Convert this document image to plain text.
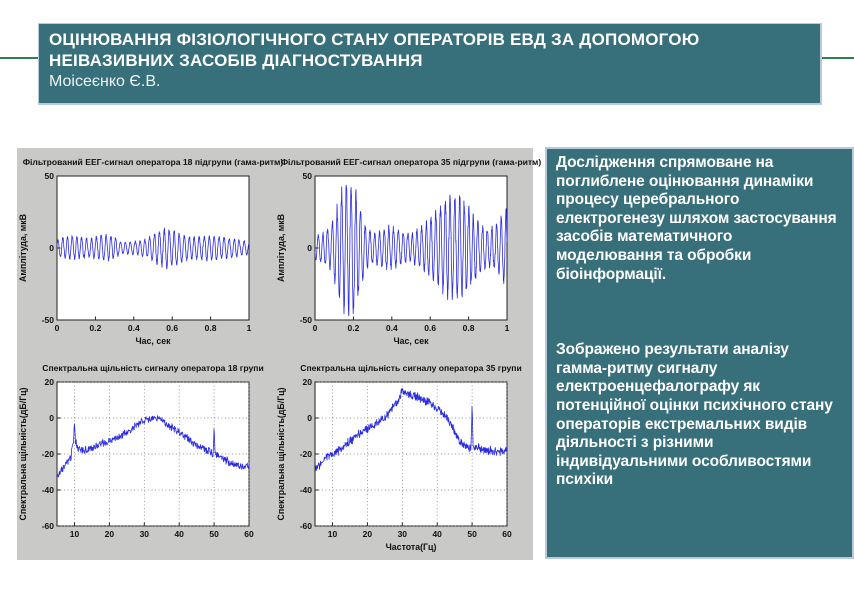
ОЦІНЮВАННЯ ФІЗІОЛОГІЧНОГО СТАНУ ОПЕРАТОРІВ ЕВД ЗА ДОПОМОГОЮ НЕІВАЗИВНИХ ЗАСОБІВ ДІАГНОСТУВАННЯ
Моісеєнко Є.В.
0	0.2	0.4	0.6	0.8	1
-50
0
50
Фільтрований ЕЕГ-сигнал оператора 18 підгрупи (гама-ритм)
Час, сек
Амплітуда, мкВ
0	0.2	0.4	0.6	0.8	1
-50
0
50
Фільтрований ЕЕГ-сигнал оператора 35 підгрупи (гама-ритм)
Час, сек
Амплітуда, мкВ
10	20	30	40	50	60
-60
-40
-20
0
20
Спектральна щільність сигналу оператора 18 групи
Спектральна щільність(дБ/Гц)
10	20	30	40	50	60
-60
-40
-20
0
20
Спектральна щільність сигналу оператора 35 групи
Частота(Гц)
Спектральна щільність(дБ/Гц)

Дослідження спрямоване на поглиблене оцінювання динаміки процесу церебрального електрогенезу шляхом застосування засобів математичного моделювання та обробки біоінформації.

Зображено результати аналізу гамма-ритму сигналу електроенцефалографу як потенційної оцінки психічного стану операторів екстремальних видів діяльності з різними індивідуальними особливостями психіки
